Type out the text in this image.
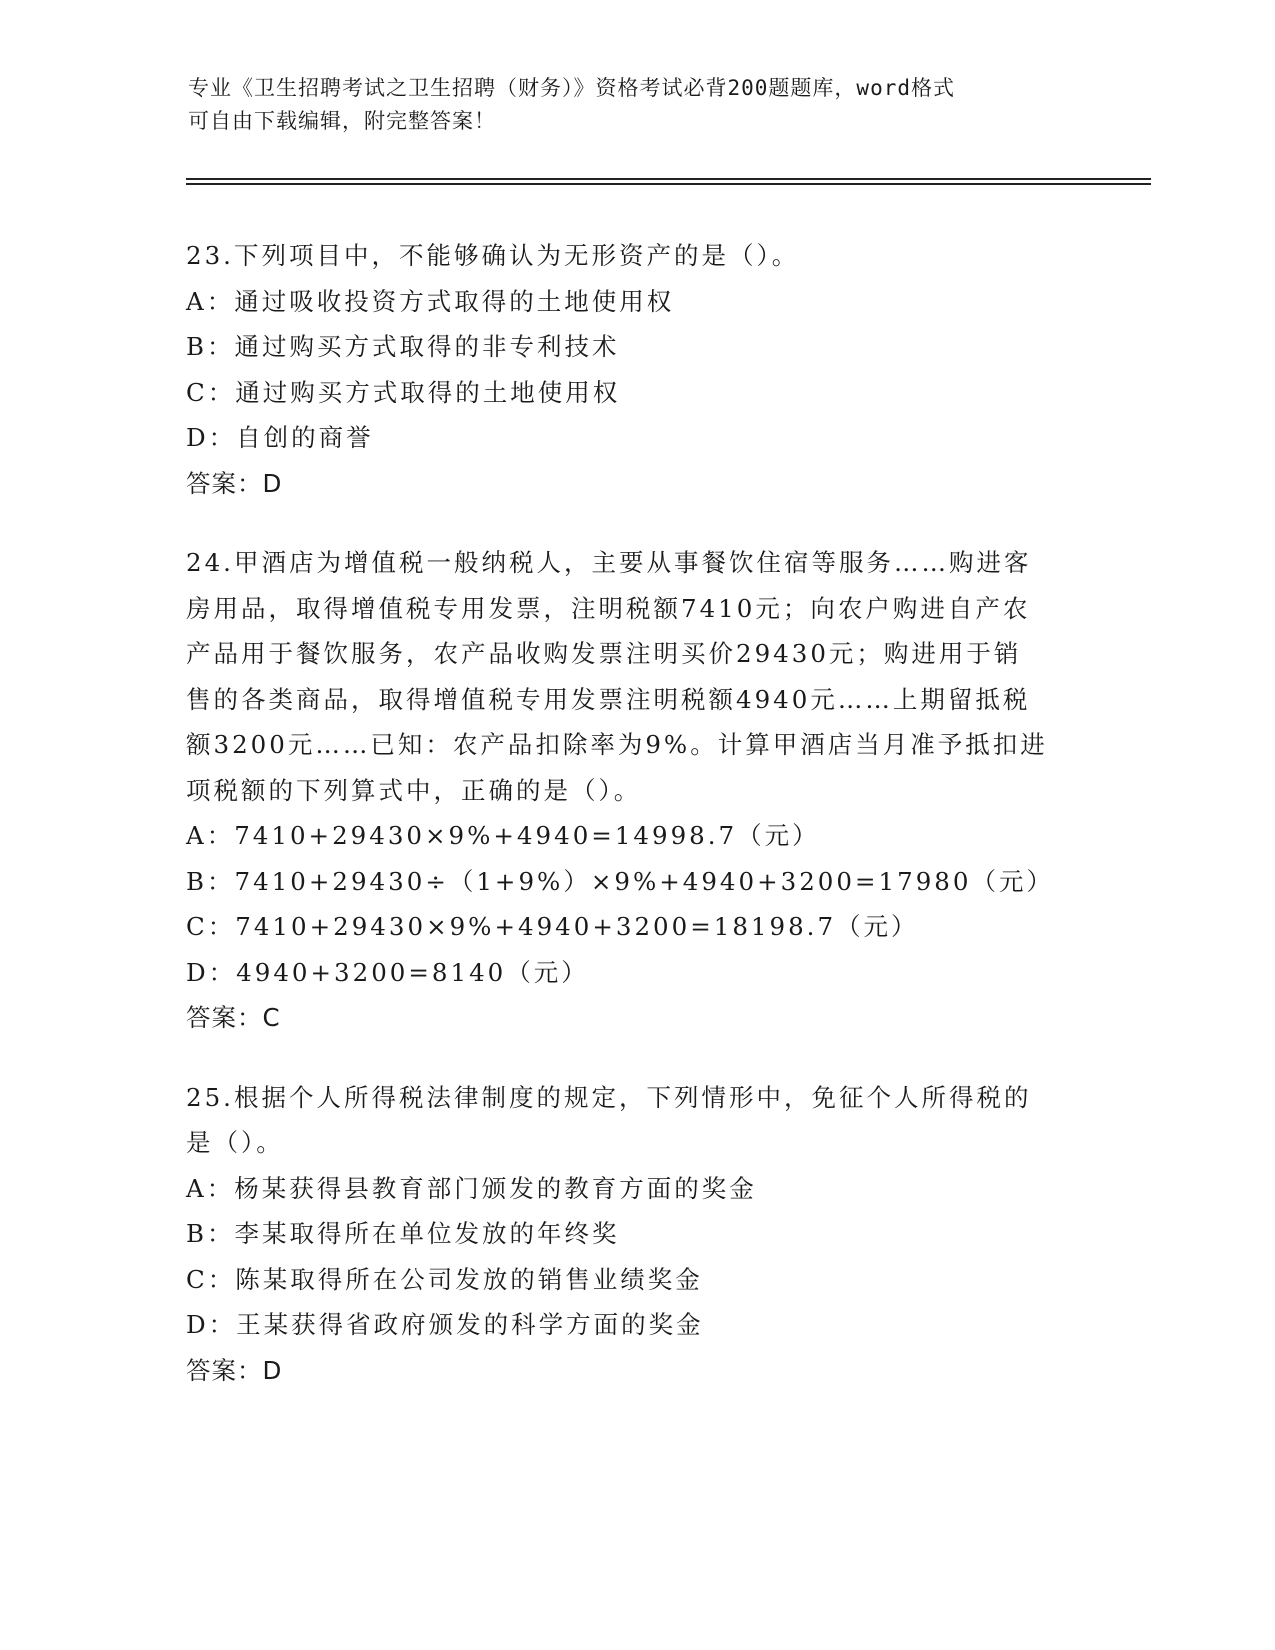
专业《卫生招聘考试之卫生招聘（财务）》资格考试必背200题题库，word格式
可自由下载编辑，附完整答案！
23.下列项目中，不能够确认为无形资产的是（）。
A：通过吸收投资方式取得的土地使用权
B：通过购买方式取得的非专利技术
C：通过购买方式取得的土地使用权
D：自创的商誉
答案：D
24.甲酒店为增值税一般纳税人，主要从事餐饮住宿等服务……购进客
房用品，取得增值税专用发票，注明税额7410元；向农户购进自产农
产品用于餐饮服务，农产品收购发票注明买价29430元；购进用于销
售的各类商品，取得增值税专用发票注明税额4940元……上期留抵税
额3200元……已知：农产品扣除率为9%。计算甲酒店当月准予抵扣进
项税额的下列算式中，正确的是（）。
A：7410+29430×9%+4940=14998.7（元）
B：7410+29430÷（1+9%）×9%+4940+3200=17980（元）
C：7410+29430×9%+4940+3200=18198.7（元）
D：4940+3200=8140（元）
答案：C
25.根据个人所得税法律制度的规定，下列情形中，免征个人所得税的
是（）。
A：杨某获得县教育部门颁发的教育方面的奖金
B：李某取得所在单位发放的年终奖
C：陈某取得所在公司发放的销售业绩奖金
D：王某获得省政府颁发的科学方面的奖金
答案：D
